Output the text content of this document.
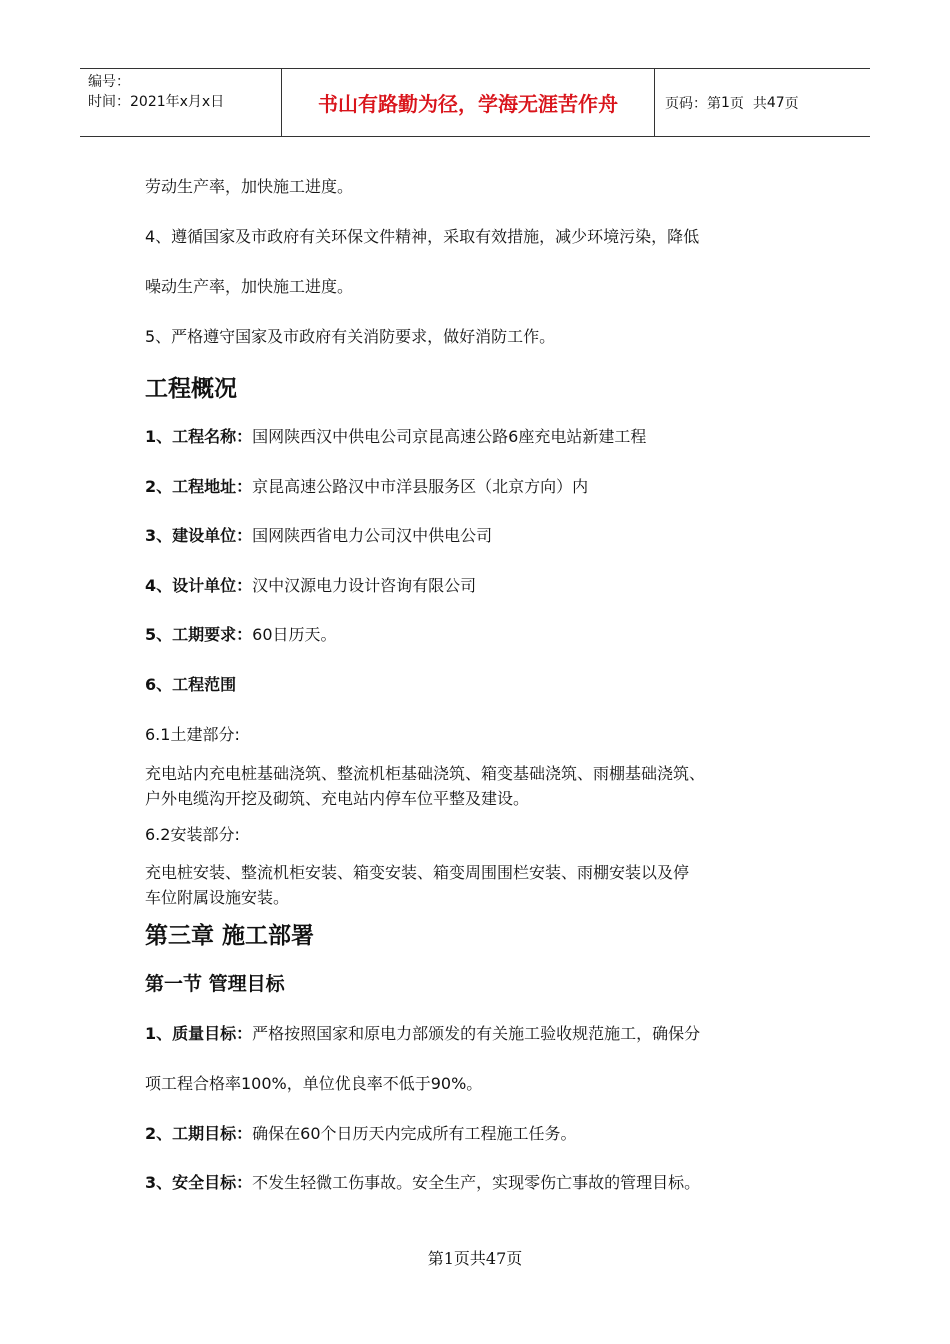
编号：
时间：2021年x月x日	书山有路勤为径，学海无涯苦作舟	页码：第 1 页  共 47 页
劳动生产率，加快施工进度。
4、遵循国家及市政府有关环保文件精神，采取有效措施，减少环境污染，降低
噪动生产率，加快施工进度。
5、严格遵守国家及市政府有关消防要求，做好消防工作。
工程概况
1、工程名称：国网陕西汉中供电公司京昆高速公路6座充电站新建工程
2、工程地址：京昆高速公路汉中市洋县服务区（北京方向）内
3、建设单位：国网陕西省电力公司汉中供电公司
4、设计单位：汉中汉源电力设计咨询有限公司
5、工期要求：60日历天。
6、工程范围
6.1土建部分:
充电站内充电桩基础浇筑、整流机柜基础浇筑、箱变基础浇筑、雨棚基础浇筑、
户外电缆沟开挖及砌筑、充电站内停车位平整及建设。
6.2安装部分:
充电桩安装、整流机柜安装、箱变安装、箱变周围围栏安装、雨棚安装以及停
车位附属设施安装。
第三章 施工部署
第一节 管理目标
1、质量目标：严格按照国家和原电力部颁发的有关施工验收规范施工，确保分
项工程合格率100%，单位优良率不低于90%。
2、工期目标：确保在60个日历天内完成所有工程施工任务。
3、安全目标：不发生轻微工伤事故。安全生产，实现零伤亡事故的管理目标。
第1页共47页
